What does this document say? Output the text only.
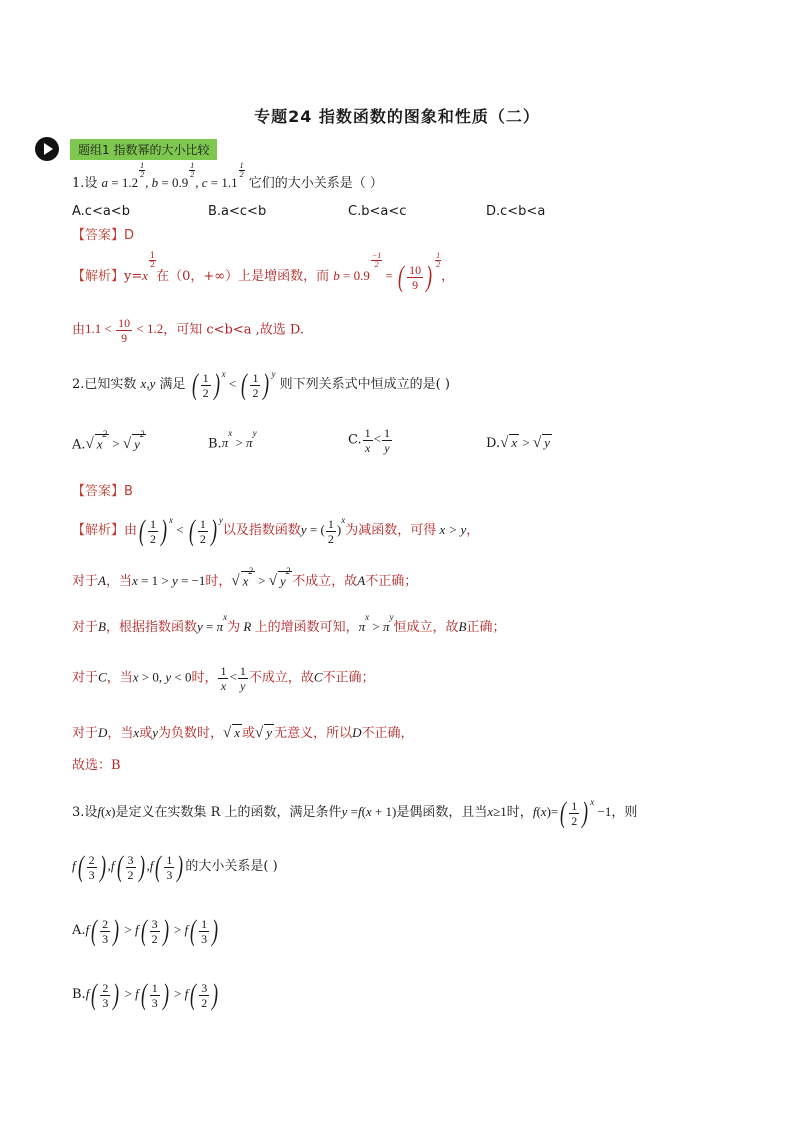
专题24 指数函数的图象和性质（二）
题组1 指数幂的大小比较
1.设 a = 1.2
$\frac{1}{2}$
, b = 0.9
$\frac{1}{2}$
, c = 1.1
$\frac{1}{2}$
它们的大小关系是（ ）
A.c<a<b	B.a<c<b	C.b<a<c	D.c<b<a
【答案】D
【解析】y=x
$\frac{1}{2}$
在（0，+∞）上是增函数，而 b = 0.9
$\frac{-1}{2}$
= ( $\frac{10}{9}$ ) $\frac{1}{2}$
，
由$1.1 < \frac{10}{9} < 1.2$，可知 c<b<a ,故选 D.
2.已知实数 x,y 满足 ( $\frac{1}{2}$ ) $^x$ < ( $\frac{1}{2}$ ) $^y$ 则下列关系式中恒成立的是( )
A.√ $x^2$ > √ $y^2$
$B.\pi^x > \pi^y$	C. $\frac{1}{x} < \frac{1}{y}$	D.√ x > √ y
【答案】B
【解析】由 ( $\frac{1}{2}$ ) $^x$ < ( $\frac{1}{2}$ ) $^y$以及指数函数y = ( $\frac{1}{2} )^x$为减函数，可得 x > y，
对于A，当x = 1 > y = −1时，√ $x^2$ > √ $y^2$不成立，故A不正确；
对于B，根据指数函数$y = \pi^x$为 R 上的增函数可知，$\pi^x > \pi^y$恒成立，故B正确；
对于C，当x > 0, y < 0时， $\frac{1}{x} < \frac{1}{y}$ 不成立，故C不正确；
对于D，当x或y为负数时，√ x 或√ y 无意义，所以D不正确，
故选：B
3.设f(x)是定义在实数集 R 上的函数，满足条件y =f(x + 1)是偶函数，且当x≥1时，f(x)= ( $\frac{1}{2}$ ) $^x$ −1，则
f ( $\frac{2}{3}$ ) ,f ( $\frac{3}{2}$ ) ,f ( $\frac{1}{3}$ ) 的大小关系是( )
A.f ( $\frac{2}{3}$ ) > f ( $\frac{3}{2}$ ) > f ( $\frac{1}{3}$ )
B.f ( $\frac{2}{3}$ ) > f ( $\frac{1}{3}$ ) > f ( $\frac{3}{2}$ )
